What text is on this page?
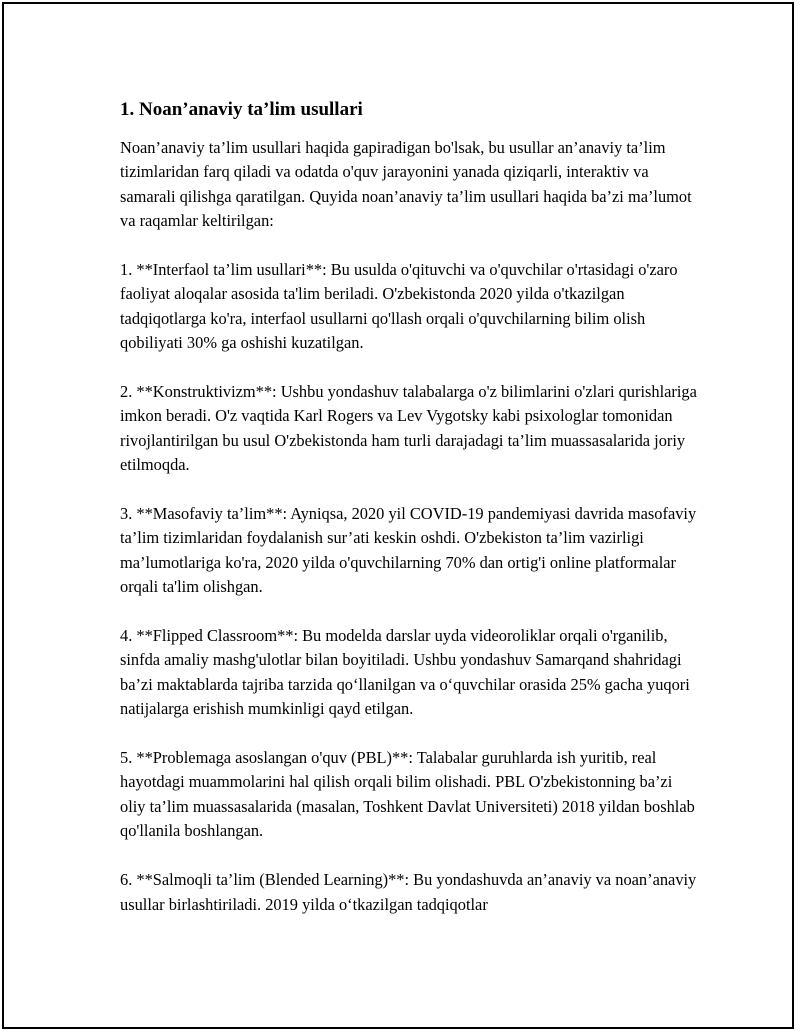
1. Noan’anaviy ta’lim usullari

Noan’anaviy ta’lim usullari haqida gapiradigan bo'lsak, bu usullar an’anaviy ta’lim tizimlaridan farq qiladi va odatda o'quv jarayonini yanada qiziqarli, interaktiv va samarali qilishga qaratilgan. Quyida noan’anaviy ta’lim usullari haqida ba’zi ma’lumot va raqamlar keltirilgan:

1. **Interfaol ta’lim usullari**: Bu usulda o'qituvchi va o'quvchilar o'rtasidagi o'zaro faoliyat aloqalar asosida ta'lim beriladi. O'zbekistonda 2020 yilda o'tkazilgan tadqiqotlarga ko'ra, interfaol usullarni qo'llash orqali o'quvchilarning bilim olish qobiliyati 30% ga oshishi kuzatilgan.

2. **Konstruktivizm**: Ushbu yondashuv talabalarga o'z bilimlarini o'zlari qurishlariga imkon beradi. O'z vaqtida Karl Rogers va Lev Vygotsky kabi psixologlar tomonidan rivojlantirilgan bu usul O'zbekistonda ham turli darajadagi ta’lim muassasalarida joriy etilmoqda.

3. **Masofaviy ta’lim**: Ayniqsa, 2020 yil COVID-19 pandemiyasi davrida masofaviy ta’lim tizimlaridan foydalanish sur’ati keskin oshdi. O'zbekiston ta’lim vazirligi ma’lumotlariga ko'ra, 2020 yilda o'quvchilarning 70% dan ortig'i online platformalar orqali ta'lim olishgan.

4. **Flipped Classroom**: Bu modelda darslar uyda videoroliklar orqali o'rganilib, sinfda amaliy mashg'ulotlar bilan boyitiladi. Ushbu yondashuv Samarqand shahridagi ba’zi maktablarda tajriba tarzida qo‘llanilgan va o‘quvchilar orasida 25% gacha yuqori natijalarga erishish mumkinligi qayd etilgan.

5. **Problemaga asoslangan o'quv (PBL)**: Talabalar guruhlarda ish yuritib, real hayotdagi muammolarini hal qilish orqali bilim olishadi. PBL O'zbekistonning ba’zi oliy ta’lim muassasalarida (masalan, Toshkent Davlat Universiteti) 2018 yildan boshlab qo'llanila boshlangan.

6. **Salmoqli ta’lim (Blended Learning)**: Bu yondashuvda an’anaviy va noan’anaviy usullar birlashtiriladi. 2019 yilda o‘tkazilgan tadqiqotlar
